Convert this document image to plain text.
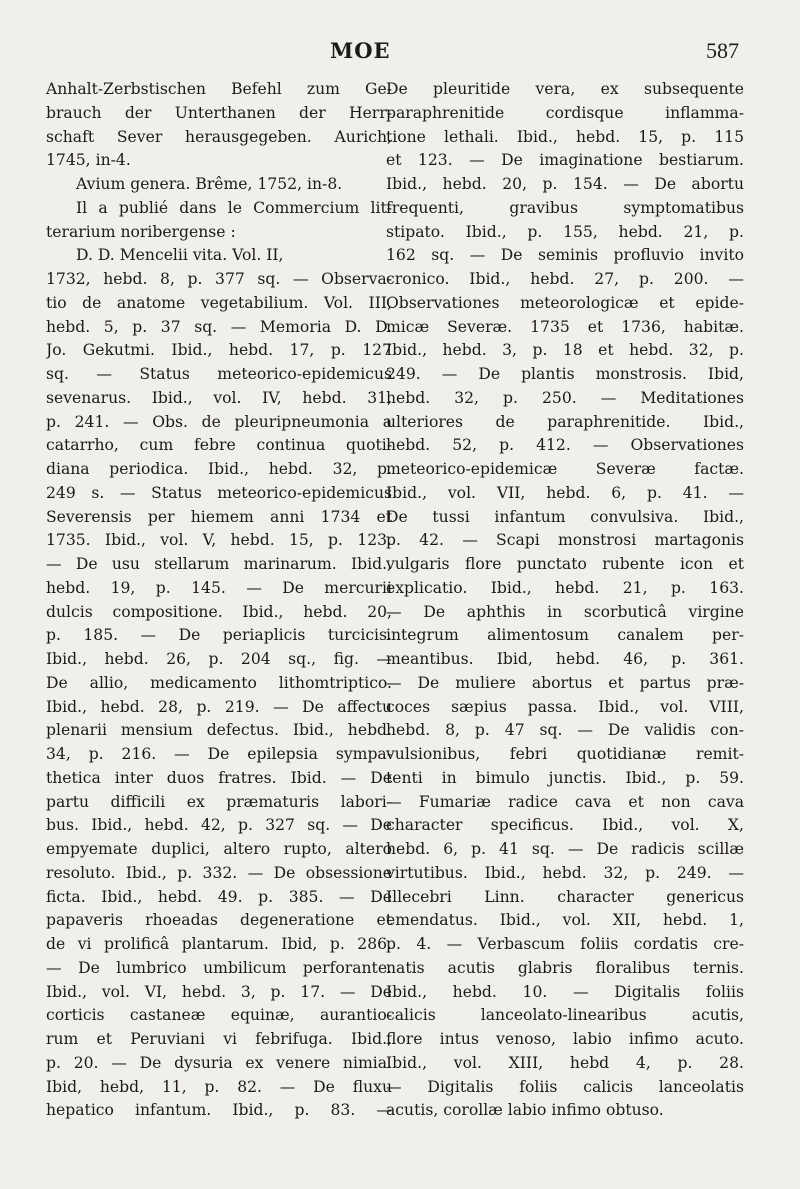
MOE	587
Anhalt-Zerbstischen Befehl zum Ge-
brauch der Unterthanen der Herr-
schaft Sever herausgegeben. Aurich,
1745, in-4.
Avium genera. Brême, 1752, in-8.
Il a publié dans le Commercium lit-
terarium noribergense :
D. D. Mencelii vita. Vol. II,
1732, hebd. 8, p. 377 sq. — Observa-
tio de anatome vegetabilium. Vol. III,
hebd. 5, p. 37 sq. — Memoria D. D.
Jo. Gekutmi. Ibid., hebd. 17, p. 127
sq. — Status meteorico-epidemicus
sevenarus. Ibid., vol. IV, hebd. 31,
p. 241. — Obs. de pleuripneumonia a
catarrho, cum febre continua quoti-
diana periodica. Ibid., hebd. 32, p.
249 s. — Status meteorico-epidemicus
Severensis per hiemem anni 1734 et
1735. Ibid., vol. V, hebd. 15, p. 123.
— De usu stellarum marinarum. Ibid.,
hebd. 19, p. 145. — De mercurii
dulcis compositione. Ibid., hebd. 20,
p. 185. — De periaplicis turcicis.
Ibid., hebd. 26, p. 204 sq., fig. —
De allio, medicamento lithomtriptico.
Ibid., hebd. 28, p. 219. — De affectu
plenarii mensium defectus. Ibid., hebd.
34, p. 216. — De epilepsia sympa-
thetica inter duos fratres. Ibid. — De
partu difficili ex præmaturis labori-
bus. Ibid., hebd. 42, p. 327 sq. — De
empyemate duplici, altero rupto, altero
resoluto. Ibid., p. 332. — De obsessione
ficta. Ibid., hebd. 49. p. 385. — De
papaveris rhoeadas degeneratione et
de vi prolificâ plantarum. Ibid, p. 286.
— De lumbrico umbilicum perforante.
Ibid., vol. VI, hebd. 3, p. 17. — De
corticis castaneæ equinæ, aurantio-
rum et Peruviani vi febrifuga. Ibid.,
p. 20. — De dysuria ex venere nimia.
Ibid, hebd, 11, p. 82. — De fluxu
hepatico infantum. Ibid., p. 83. —
De pleuritide vera, ex subsequente
paraphrenitide cordisque inflamma-
tione lethali. Ibid., hebd. 15, p. 115
et 123. — De imaginatione bestiarum.
Ibid., hebd. 20, p. 154. — De abortu
frequenti, gravibus symptomatibus
stipato. Ibid., p. 155, hebd. 21, p.
162 sq. — De seminis profluvio invito
cronico. Ibid., hebd. 27, p. 200. —
Observationes meteorologicæ et epide-
micæ Severæ. 1735 et 1736, habitæ.
Ibid., hebd. 3, p. 18 et hebd. 32, p.
249. — De plantis monstrosis. Ibid,
hebd. 32, p. 250. — Meditationes
ulteriores de paraphrenitide. Ibid.,
hebd. 52, p. 412. — Observationes
meteorico-epidemicæ Severæ factæ.
Ibid., vol. VII, hebd. 6, p. 41. —
De tussi infantum convulsiva. Ibid.,
p. 42. — Scapi monstrosi martagonis
vulgaris flore punctato rubente icon et
explicatio. Ibid., hebd. 21, p. 163.
— De aphthis in scorbuticâ virgine
integrum alimentosum canalem per-
meantibus. Ibid, hebd. 46, p. 361.
— De muliere abortus et partus præ-
coces sæpius passa. Ibid., vol. VIII,
hebd. 8, p. 47 sq. — De validis con-
vulsionibus, febri quotidianæ remit-
tenti in bimulo junctis. Ibid., p. 59.
— Fumariæ radice cava et non cava
character specificus. Ibid., vol. X,
hebd. 6, p. 41 sq. — De radicis scillæ
virtutibus. Ibid., hebd. 32, p. 249. —
Illecebri Linn. character genericus
emendatus. Ibid., vol. XII, hebd. 1,
p. 4. — Verbascum foliis cordatis cre-
natis acutis glabris floralibus ternis.
Ibid., hebd. 10. — Digitalis foliis
calicis lanceolato-linearibus acutis,
flore intus venoso, labio infimo acuto.
Ibid., vol. XIII, hebd 4, p. 28.
— Digitalis foliis calicis lanceolatis
acutis, corollæ labio infimo obtuso.
